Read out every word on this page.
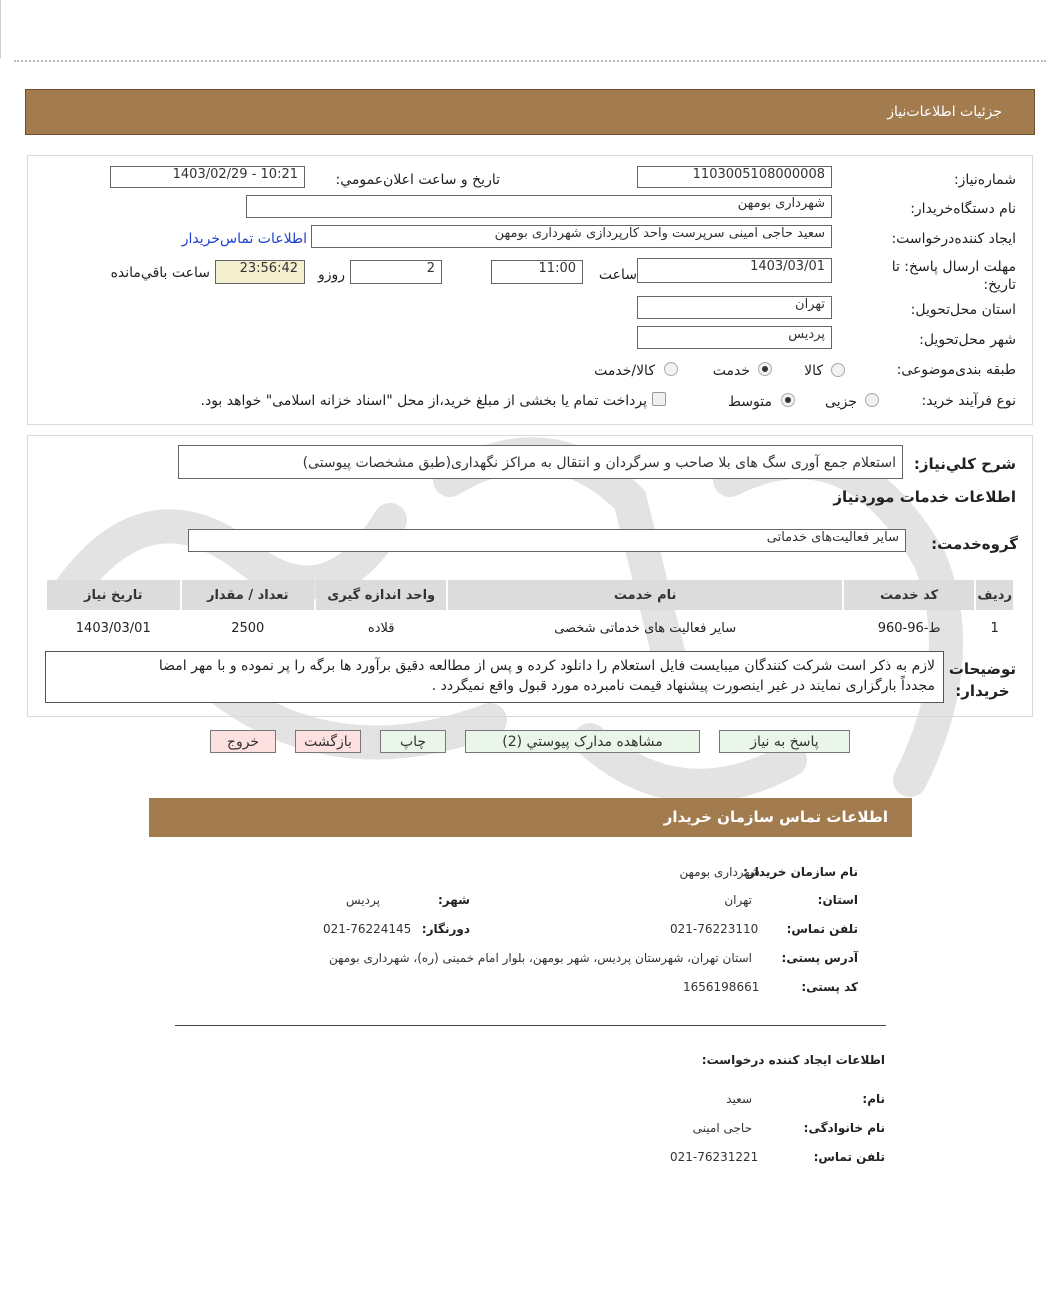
جزئیات اطلاعات‌نیاز
شماره‌نیاز:
1103005108000008
تاریخ و ساعت اعلان‌عمومي:
1403/02/29 - 10:21
نام دستگاه‌خریدار:
شهرداری بومهن
ایجاد کننده‌درخواست:
سعید حاجی امینی سرپرست واحد کارپردازی شهرداری بومهن
اطلاعات تماس‌خریدار
مهلت ارسال پاسخ: تا تاریخ:
1403/03/01
ساعت
11:00
2
روزو
23:56:42
ساعت باقي‌مانده
استان محل‌تحویل:
تهران
شهر محل‌تحویل:
پردیس
طبقه بندی‌موضوعی:
کالا
خدمت
کالا/خدمت
نوع فرآیند خرید:
جزیی
متوسط
پرداخت تمام یا بخشی از مبلغ خرید،از محل "اسناد خزانه اسلامی" خواهد بود.
شرح کلي‌نیاز:
استعلام جمع آوری سگ های بلا صاحب و سرگردان و انتقال به مراکز نگهداری(طبق مشخصات پیوستی)
اطلاعات خدمات موردنیاز
گروه‌خدمت:
سایر فعالیت‌های خدماتی
ردیف	کد خدمت	نام خدمت	واحد اندازه گیری	تعداد / مقدار	تاریخ نیاز
1	ط-96-960	سایر فعالیت های خدماتی شخصی	قلاده	2500	1403/03/01
توضیحات
خریدار:
لازم به ذکر است شرکت کنندگان میبایست فایل استعلام را دانلود کرده و پس از مطالعه دقیق برآورد ها برگه را پر نموده و با مهر امضا
مجدداً بارگزاری نمایند در غیر اینصورت پیشنهاد قیمت نامبرده مورد قبول واقع نمیگردد .
پاسخ به نیاز
مشاهده مدارک پیوستي (2)
چاپ
بازگشت
خروج
اطلاعات تماس سازمان خریدار
نام سازمان خریدار:
شهرداری بومهن
استان:
تهران
شهر:
پردیس
تلفن تماس:
021-76223110
دورنگار:
021-76224145
آدرس پستی:
استان تهران، شهرستان پردیس، شهر بومهن، بلوار امام خمینی (ره)، شهرداری بومهن
کد پستی:
1656198661
اطلاعات ایجاد کننده درخواست:
نام:
سعید
نام خانوادگی:
حاجی امینی
تلفن تماس:
021-76231221
